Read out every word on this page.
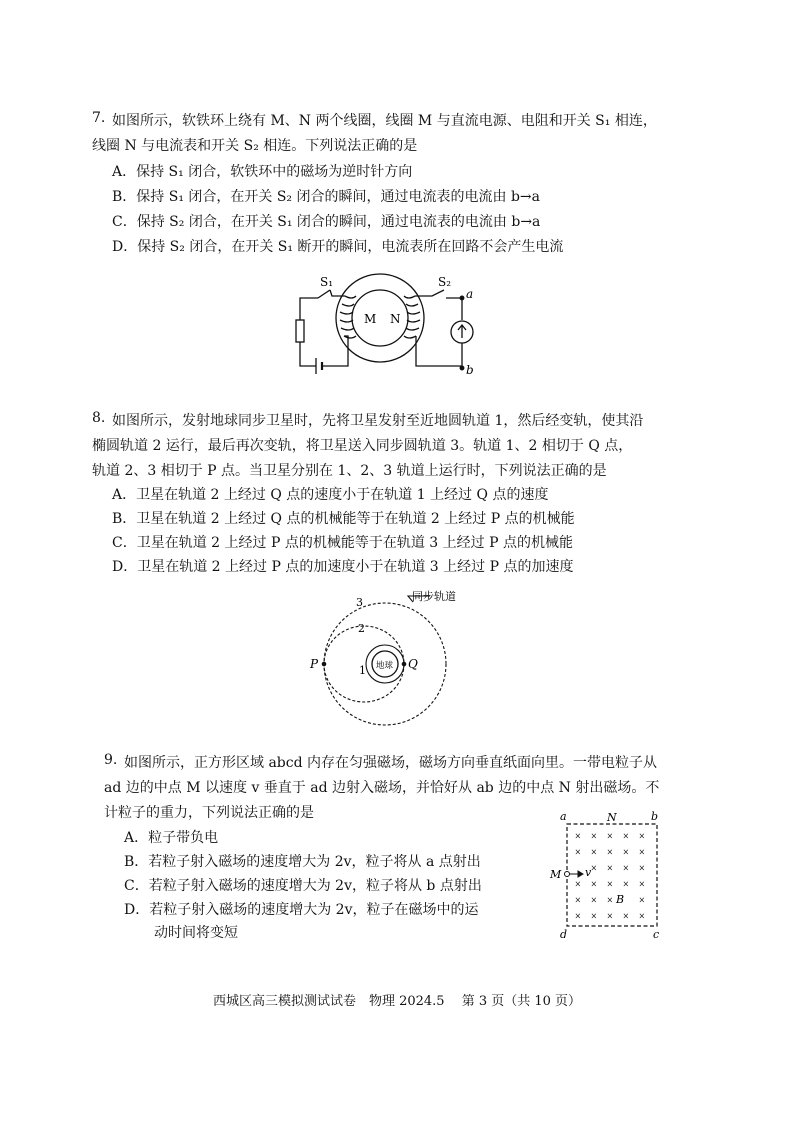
7. 如图所示，软铁环上绕有 M、N 两个线圈，线圈 M 与直流电源、电阻和开关 S₁ 相连，
线圈 N 与电流表和开关 S₂ 相连。下列说法正确的是
A．保持 S₁ 闭合，软铁环中的磁场为逆时针方向
B．保持 S₁ 闭合，在开关 S₂ 闭合的瞬间，通过电流表的电流由 b→a
C．保持 S₂ 闭合，在开关 S₁ 闭合的瞬间，通过电流表的电流由 b→a
D．保持 S₂ 闭合，在开关 S₁ 断开的瞬间，电流表所在回路不会产生电流
S₁	S₂
M N
a
b
8. 如图所示，发射地球同步卫星时，先将卫星发射至近地圆轨道 1，然后经变轨，使其沿
椭圆轨道 2 运行，最后再次变轨，将卫星送入同步圆轨道 3。轨道 1、2 相切于 Q 点，
轨道 2、3 相切于 P 点。当卫星分别在 1、2、3 轨道上运行时，下列说法正确的是
A．卫星在轨道 2 上经过 Q 点的速度小于在轨道 1 上经过 Q 点的速度
B．卫星在轨道 2 上经过 Q 点的机械能等于在轨道 2 上经过 P 点的机械能
C．卫星在轨道 2 上经过 P 点的机械能等于在轨道 3 上经过 P 点的机械能
D．卫星在轨道 2 上经过 P 点的加速度小于在轨道 3 上经过 P 点的加速度
同步轨道
3
2
1 地球
P	Q
9. 如图所示，正方形区域 abcd 内存在匀强磁场，磁场方向垂直纸面向里。一带电粒子从
ad 边的中点 M 以速度 v 垂直于 ad 边射入磁场，并恰好从 ab 边的中点 N 射出磁场。不
计粒子的重力，下列说法正确的是
A．粒子带负电
B．若粒子射入磁场的速度增大为 2v，粒子将从 a 点射出
C．若粒子射入磁场的速度增大为 2v，粒子将从 b 点射出
D．若粒子射入磁场的速度增大为 2v，粒子在磁场中的运
动时间将变短
× × × × ×
× × × × ×
× × × ×
× × × × ×
× × ×	×
× × × × ×
a	b
c
d
N
M v
B
西城区高三模拟测试试卷　物理 2024.5　 第 3 页（共 10 页）
